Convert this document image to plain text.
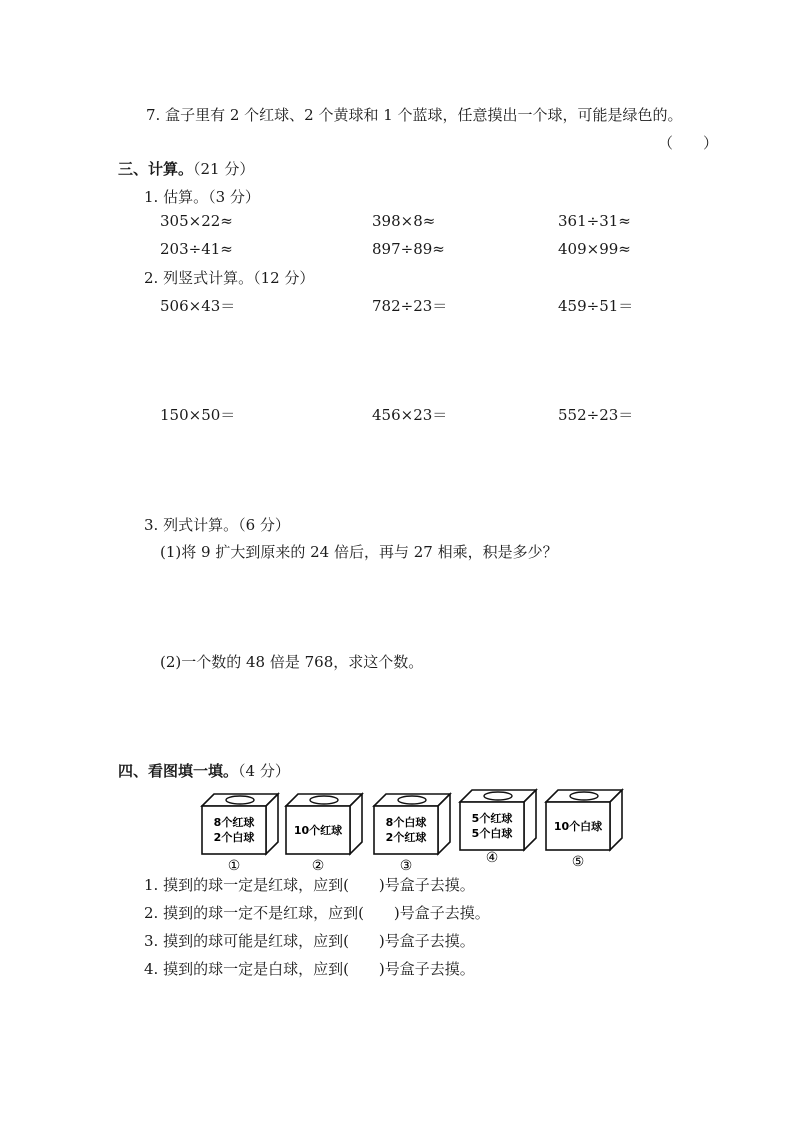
7. 盒子里有 2 个红球、2 个黄球和 1 个蓝球，任意摸出一个球，可能是绿色的。
（　　）
三、计算。（21 分）
1. 估算。（3 分）
305×22≈	398×8≈	361÷31≈
203÷41≈	897÷89≈	409×99≈
2. 列竖式计算。（12 分）
506×43＝	782÷23＝	459÷51＝
150×50＝	456×23＝	552÷23＝
3. 列式计算。（6 分）
(1)将 9 扩大到原来的 24 倍后，再与 27 相乘，积是多少？
(2)一个数的 48 倍是 768，求这个数。
四、看图填一填。（4 分）
8个红球
2个白球
①
10个红球
②
8个白球
2个红球
③
5个红球
5个白球
④
10个白球
⑤
1. 摸到的球一定是红球，应到(　　)号盒子去摸。
2. 摸到的球一定不是红球，应到(　　)号盒子去摸。
3. 摸到的球可能是红球，应到(　　)号盒子去摸。
4. 摸到的球一定是白球，应到(　　)号盒子去摸。
